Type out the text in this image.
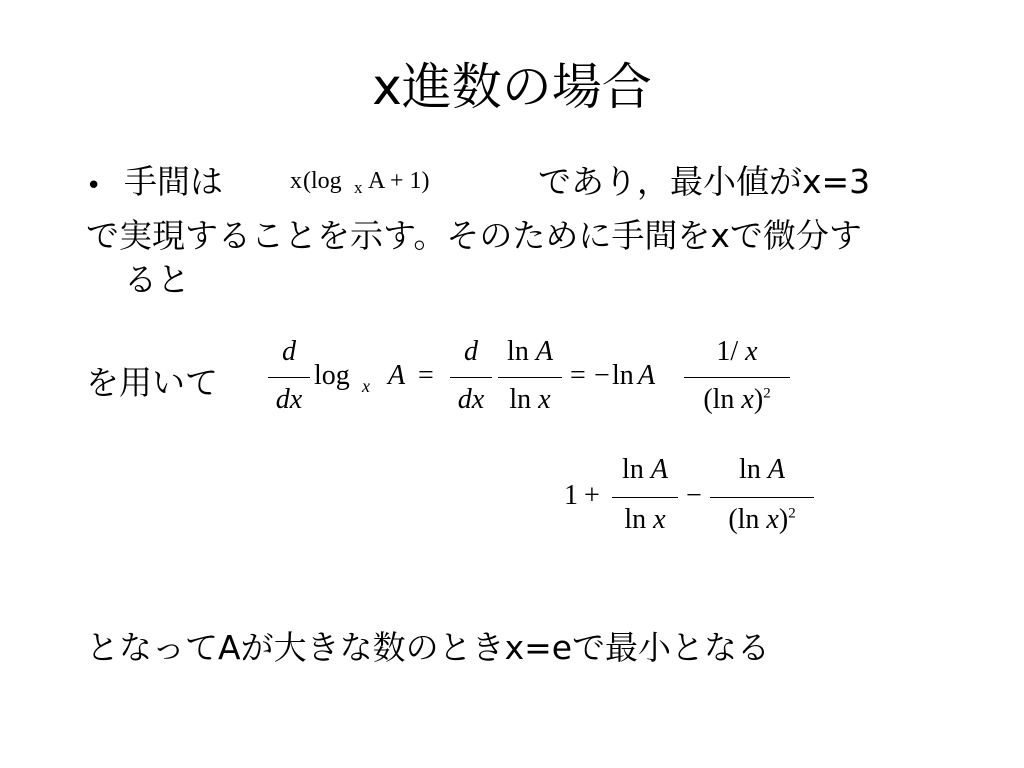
x進数の場合
• 手間は	x (log x A + 1)	であり，最小値がx=3
で実現することを示す。そのために手間をxで微分す
ると
を用いて
d
dx
log x A =
d
dx
ln A
ln x
= − ln A
1/ x
(ln x)$^2$
1 +
ln A
ln x
−
ln A
(ln x)$^2$
となってAが大きな数のときx=eで最小となる
